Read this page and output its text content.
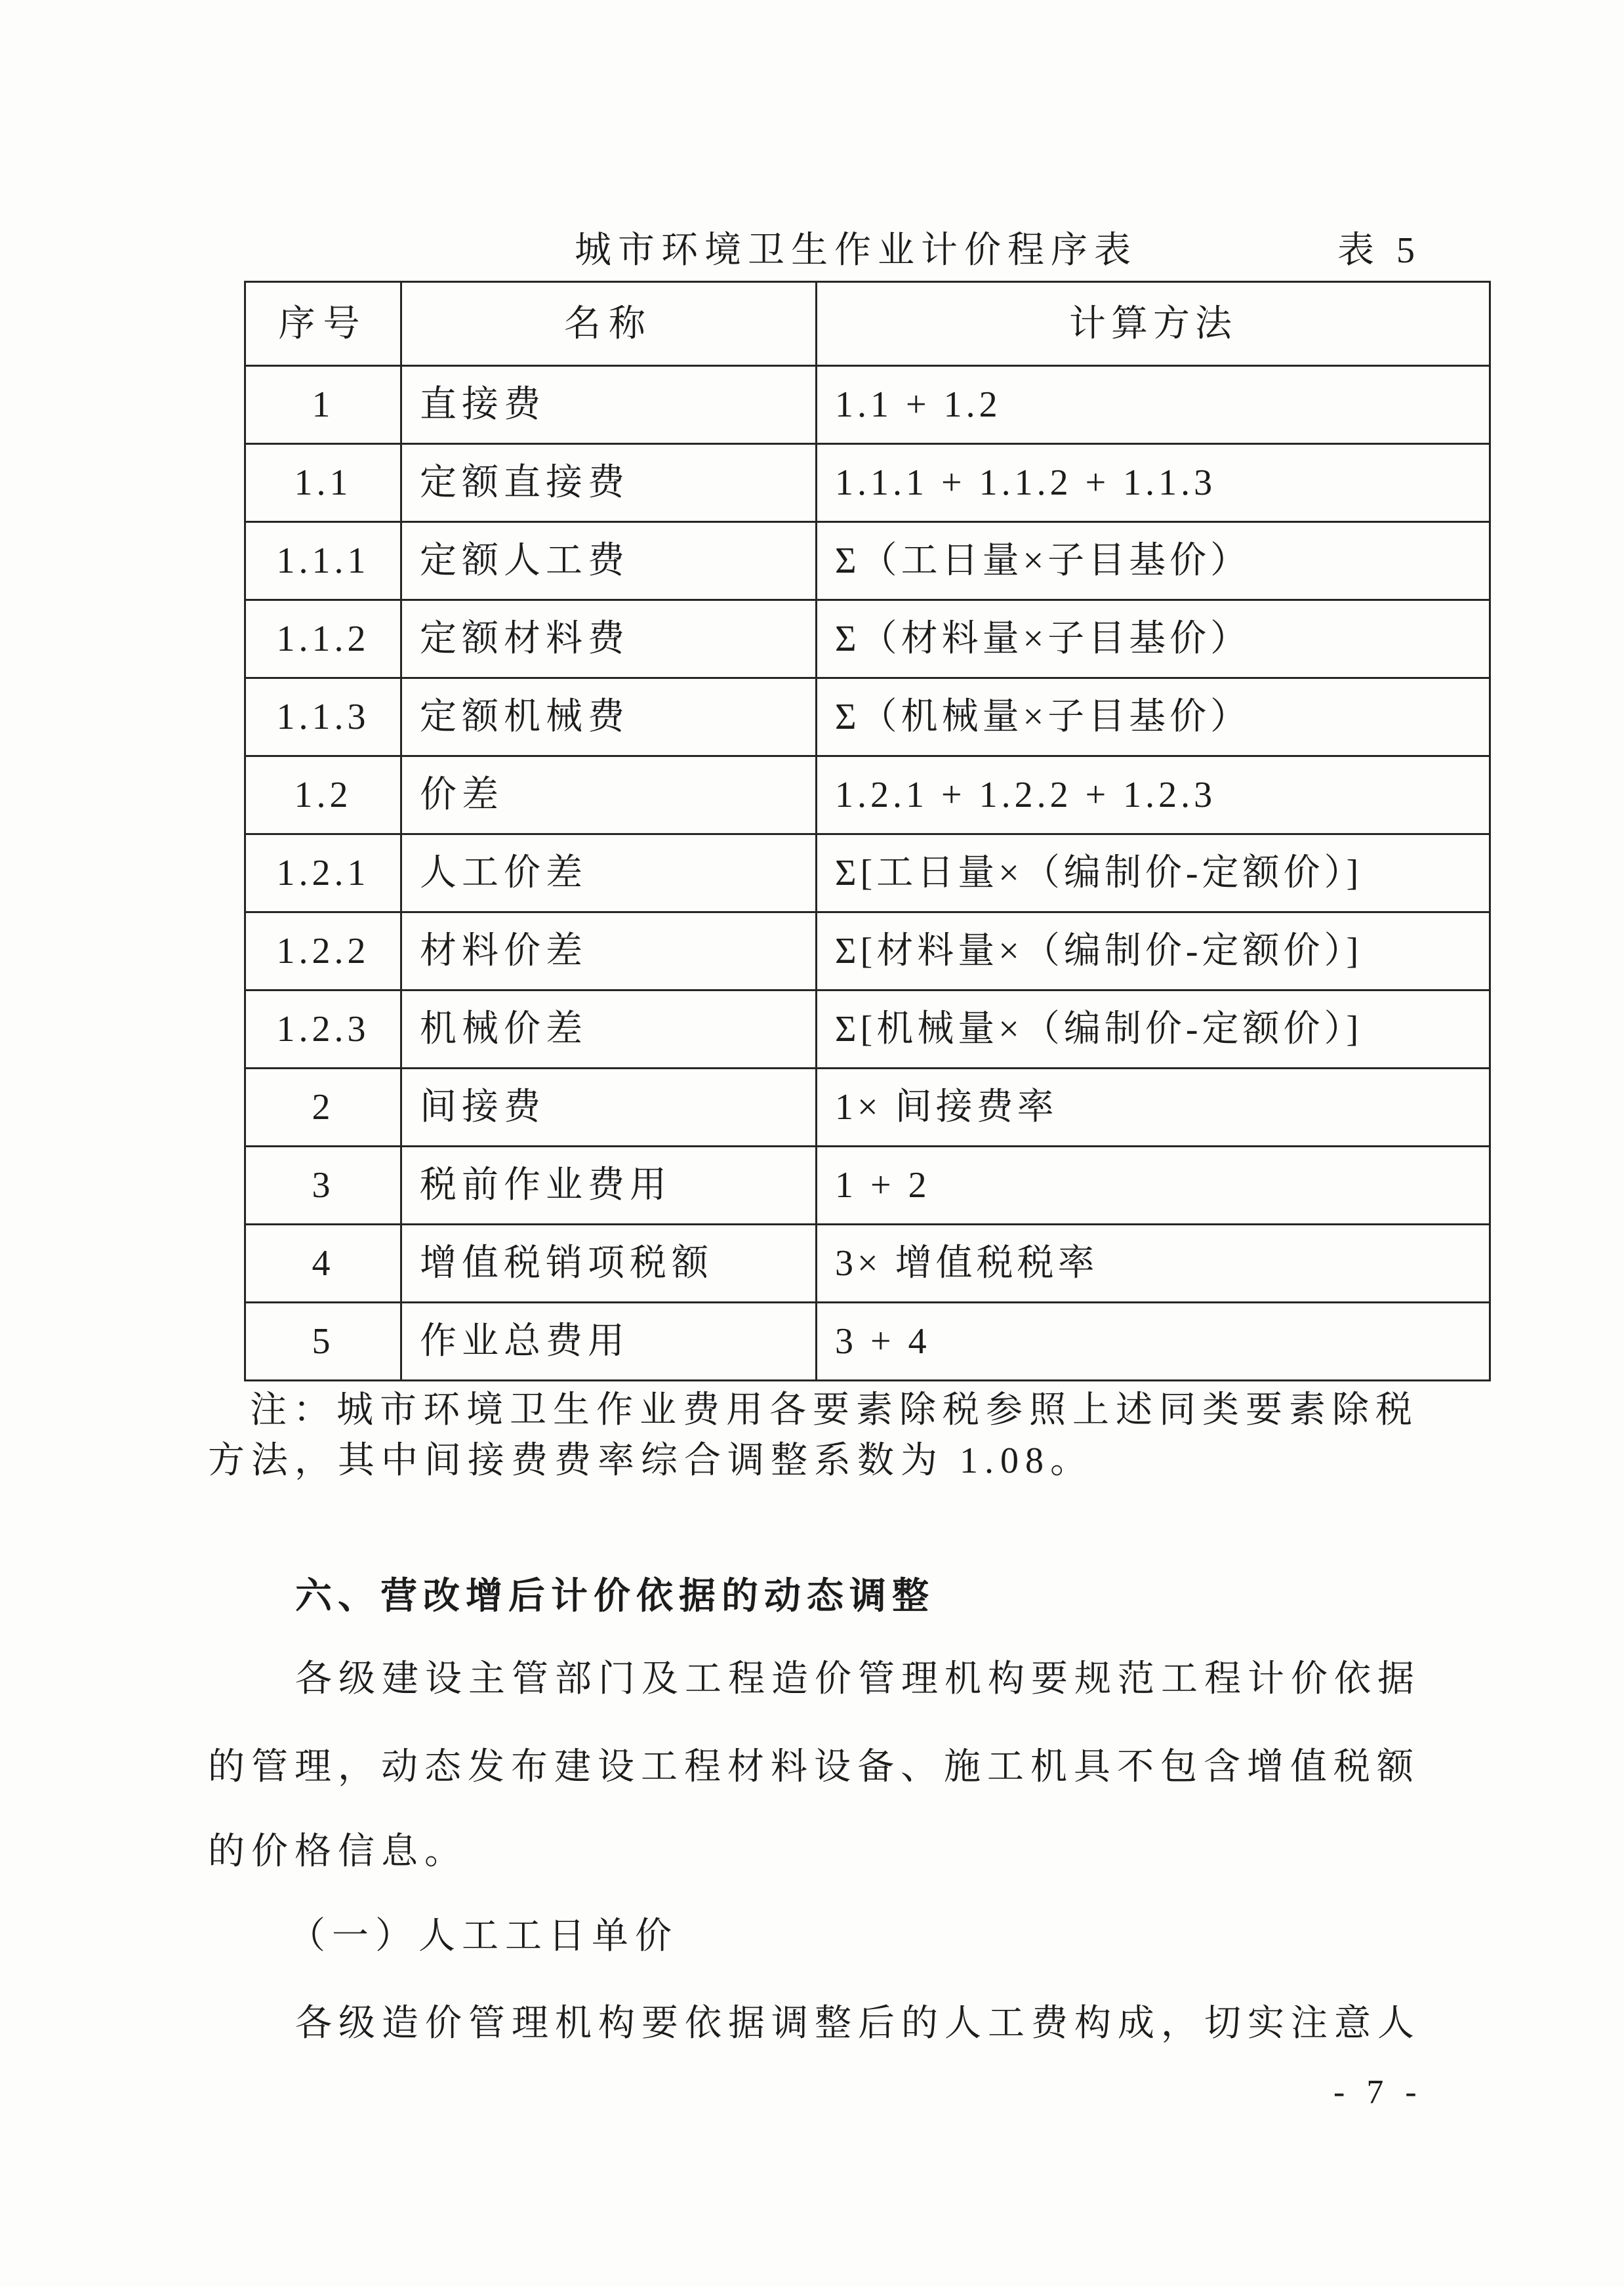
城市环境卫生作业计价程序表	表 5
序号	名称	计算方法
1	直接费	1.1 + 1.2
1.1	定额直接费	1.1.1 + 1.1.2 + 1.1.3
1.1.1	定额人工费	Σ（工日量×子目基价）
1.1.2	定额材料费	Σ（材料量×子目基价）
1.1.3	定额机械费	Σ（机械量×子目基价）
1.2	价差	1.2.1 + 1.2.2 + 1.2.3
1.2.1	人工价差	Σ[工日量×（编制价-定额价）]
1.2.2	材料价差	Σ[材料量×（编制价-定额价）]
1.2.3	机械价差	Σ[机械量×（编制价-定额价）]
2	间接费	1× 间接费率
3	税前作业费用	1 + 2
4	增值税销项税额	3× 增值税税率
5	作业总费用	3 + 4
注：城市环境卫生作业费用各要素除税参照上述同类要素除税
方法，其中间接费费率综合调整系数为 1.08。
六、营改增后计价依据的动态调整
各级建设主管部门及工程造价管理机构要规范工程计价依据
的管理，动态发布建设工程材料设备、施工机具不包含增值税额
的价格信息。
（一）人工工日单价
各级造价管理机构要依据调整后的人工费构成，切实注意人
- 7 -
